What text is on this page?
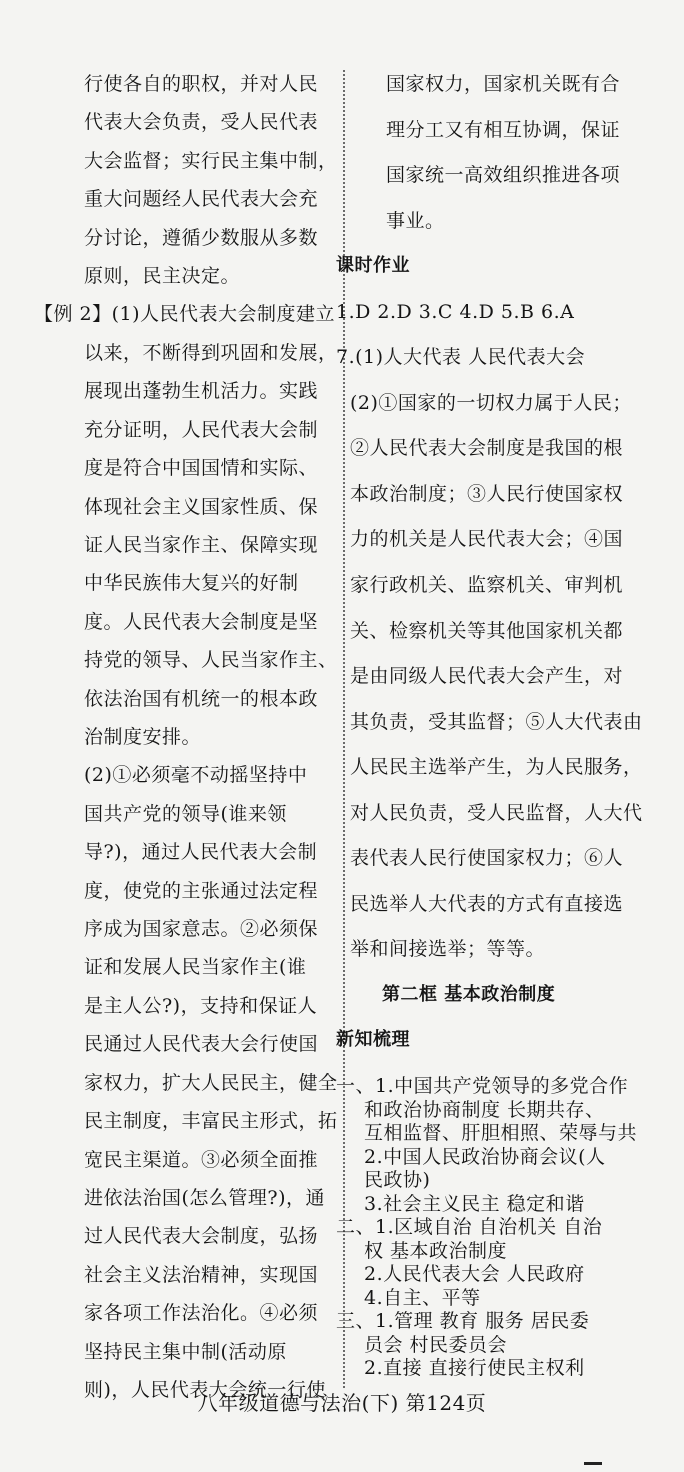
行使各自的职权，并对人民
代表大会负责，受人民代表
大会监督；实行民主集中制，
重大问题经人民代表大会充
分讨论，遵循少数服从多数
原则，民主决定。
【例 2】(1)人民代表大会制度建立
以来，不断得到巩固和发展，
展现出蓬勃生机活力。实践
充分证明，人民代表大会制
度是符合中国国情和实际、
体现社会主义国家性质、保
证人民当家作主、保障实现
中华民族伟大复兴的好制
度。人民代表大会制度是坚
持党的领导、人民当家作主、
依法治国有机统一的根本政
治制度安排。
(2)①必须毫不动摇坚持中
国共产党的领导(谁来领
导?)，通过人民代表大会制
度，使党的主张通过法定程
序成为国家意志。②必须保
证和发展人民当家作主(谁
是主人公?)，支持和保证人
民通过人民代表大会行使国
家权力，扩大人民民主，健全
民主制度，丰富民主形式，拓
宽民主渠道。③必须全面推
进依法治国(怎么管理?)，通
过人民代表大会制度，弘扬
社会主义法治精神，实现国
家各项工作法治化。④必须
坚持民主集中制(活动原
则)，人民代表大会统一行使
国家权力，国家机关既有合
理分工又有相互协调，保证
国家统一高效组织推进各项
事业。
课时作业
1.D 2.D 3.C 4.D 5.B 6.A
7.(1)人大代表 人民代表大会
(2)①国家的一切权力属于人民；
②人民代表大会制度是我国的根
本政治制度；③人民行使国家权
力的机关是人民代表大会；④国
家行政机关、监察机关、审判机
关、检察机关等其他国家机关都
是由同级人民代表大会产生，对
其负责，受其监督；⑤人大代表由
人民民主选举产生，为人民服务，
对人民负责，受人民监督，人大代
表代表人民行使国家权力；⑥人
民选举人大代表的方式有直接选
举和间接选举；等等。
第二框 基本政治制度
新知梳理
一、1.中国共产党领导的多党合作
和政治协商制度 长期共存、
互相监督、肝胆相照、荣辱与共
2.中国人民政治协商会议(人
民政协)
3.社会主义民主 稳定和谐
二、1.区域自治 自治机关 自治
权 基本政治制度
2.人民代表大会 人民政府
4.自主、平等
三、1.管理 教育 服务 居民委
员会 村民委员会
2.直接 直接行使民主权利
八年级道德与法治(下) 第124页
